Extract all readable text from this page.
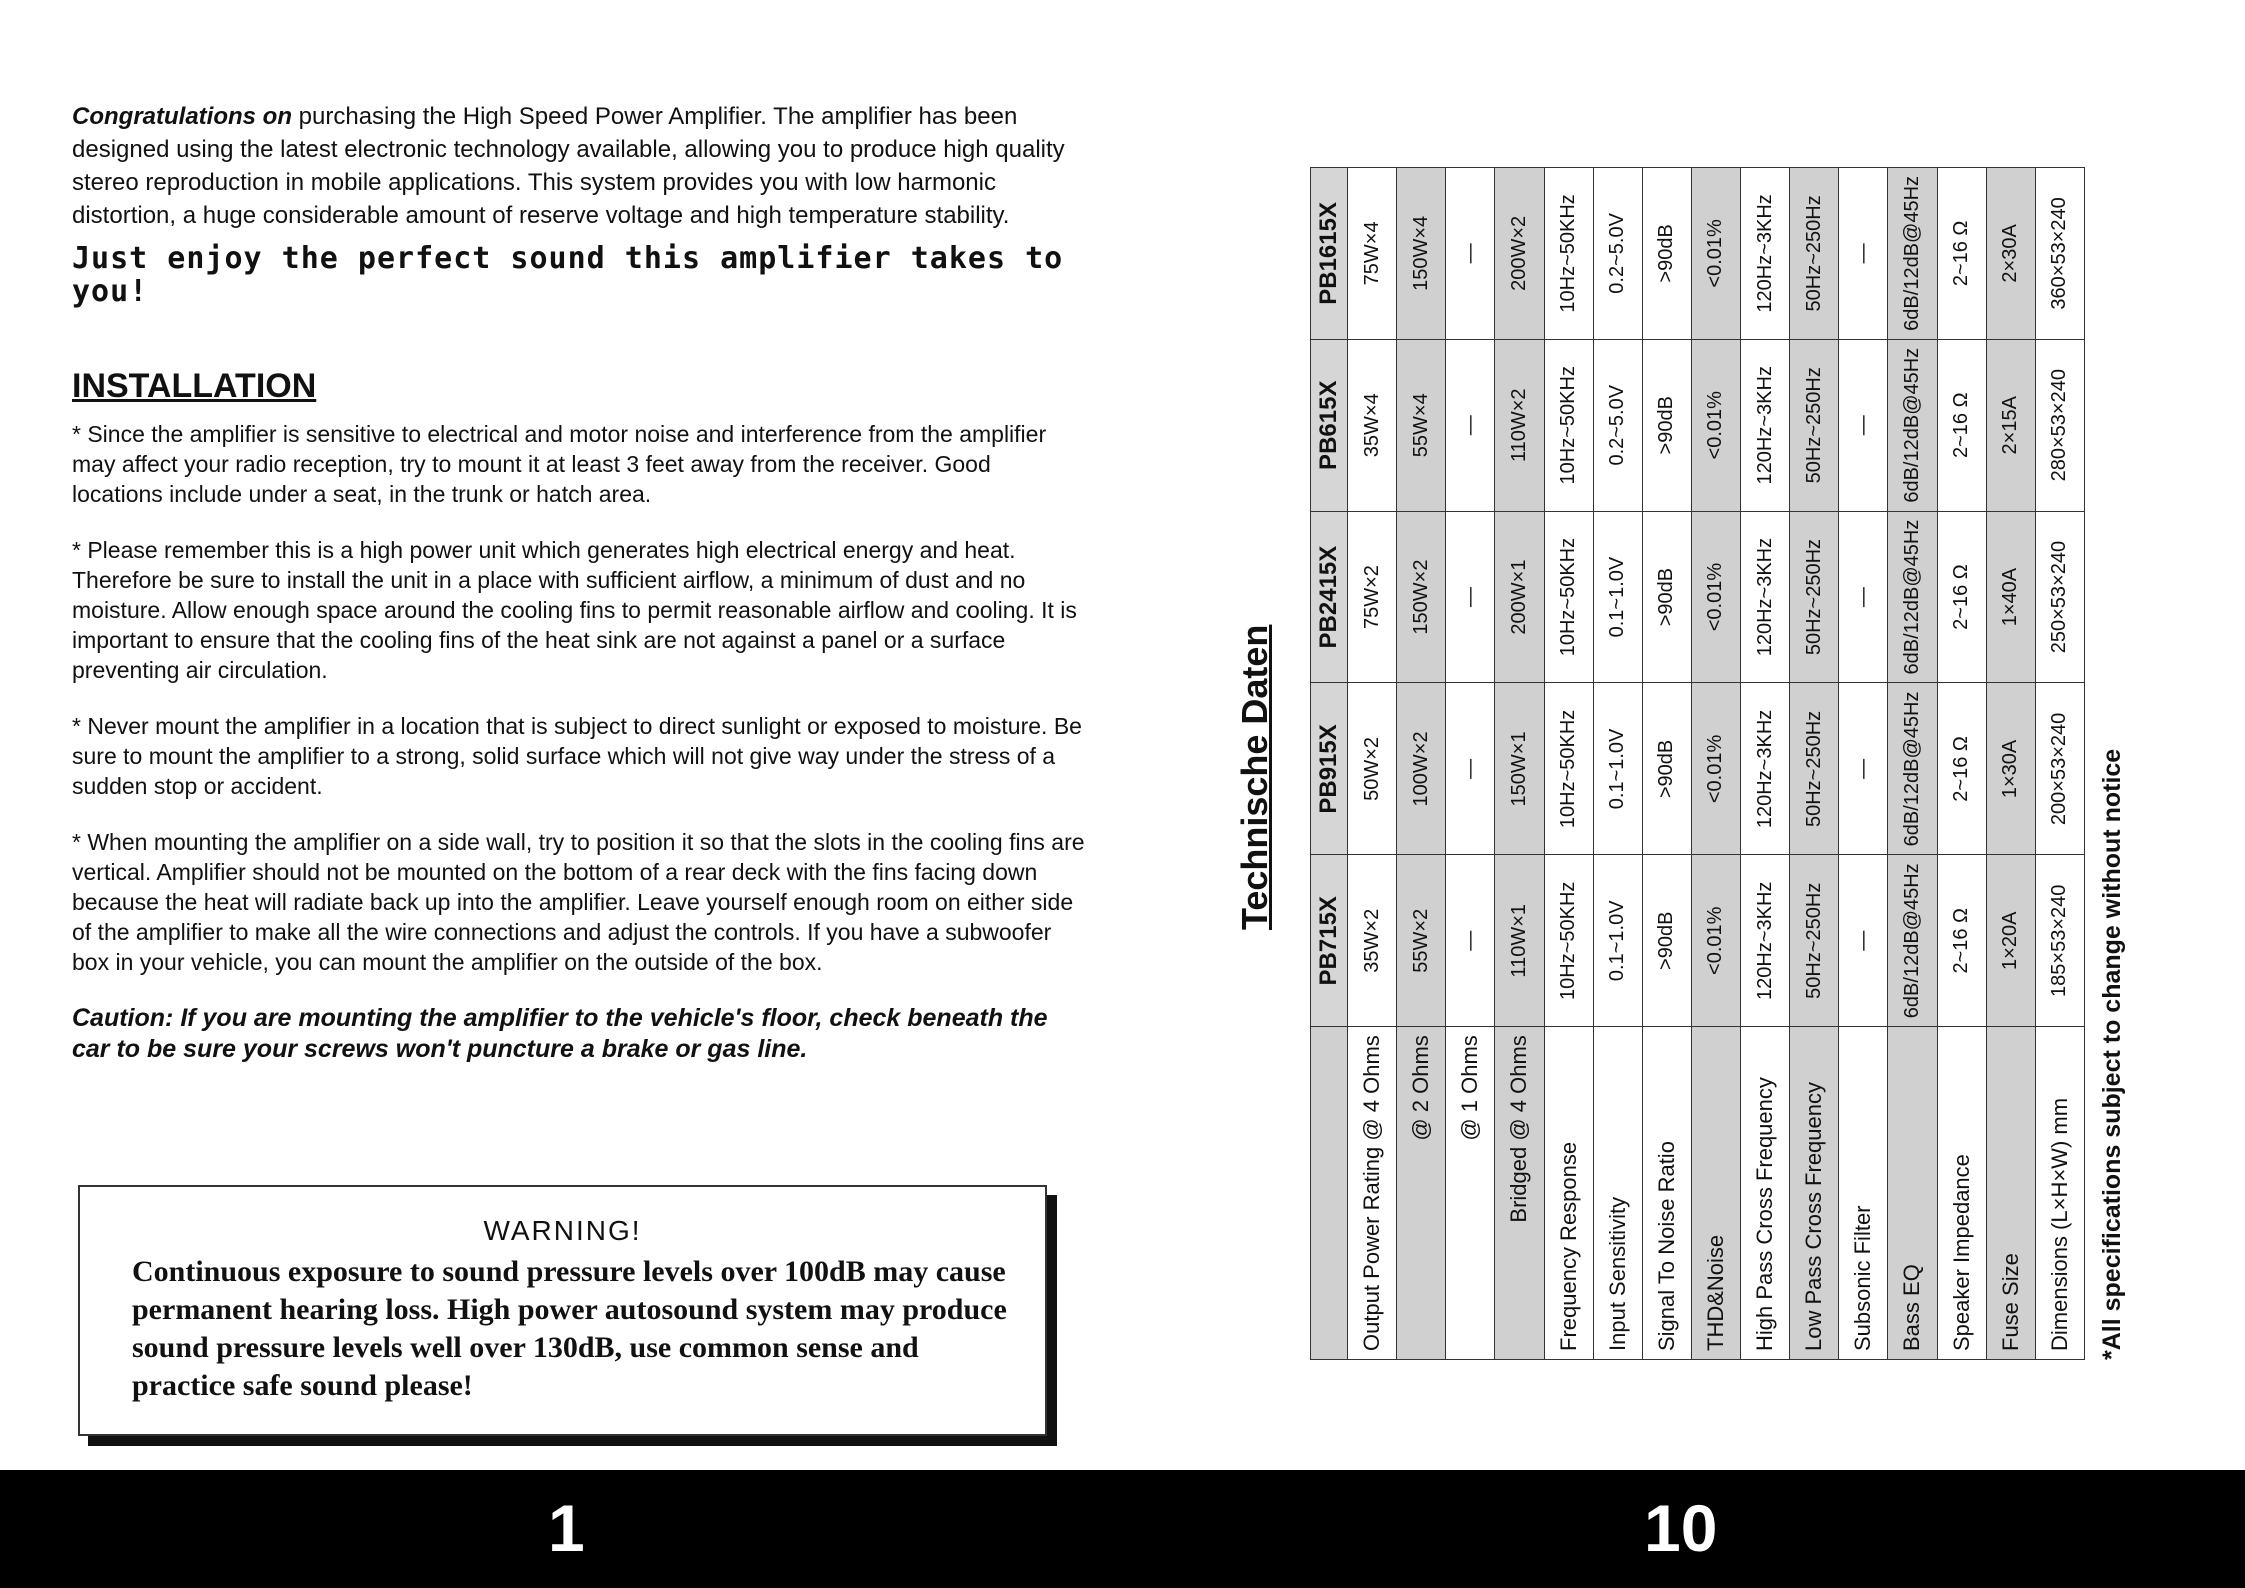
Congratulations on purchasing the High Speed Power Amplifier. The amplifier has been designed using the latest electronic technology available, allowing you to produce high quality stereo reproduction in mobile applications. This system provides you with low harmonic distortion, a huge considerable amount of reserve voltage and high temperature stability.

Just enjoy the perfect sound this amplifier takes to you!

INSTALLATION

* Since the amplifier is sensitive to electrical and motor noise and interference from the amplifier may affect your radio reception, try to mount it at least 3 feet away from the receiver. Good locations include under a seat, in the trunk or hatch area.

* Please remember this is a high power unit which generates high electrical energy and heat. Therefore be sure to install the unit in a place with sufficient airflow, a minimum of dust and no moisture. Allow enough space around the cooling fins to permit reasonable airflow and cooling. It is important to ensure that the cooling fins of the heat sink are not against a panel or a surface preventing air circulation.

* Never mount the amplifier in a location that is subject to direct sunlight or exposed to moisture. Be sure to mount the amplifier to a strong, solid surface which will not give way under the stress of a sudden stop or accident.

* When mounting the amplifier on a side wall, try to position it so that the slots in the cooling fins are vertical. Amplifier should not be mounted on the bottom of a rear deck with the fins facing down because the heat will radiate back up into the amplifier. Leave yourself enough room on either side of the amplifier to make all the wire connections and adjust the controls. If you have a subwoofer box in your vehicle, you can mount the amplifier on the outside of the box.

Caution: If you are mounting the amplifier to the vehicle's floor, check beneath the car to be sure your screws won't puncture a brake or gas line.

WARNING!
Continuous exposure to sound pressure levels over 100dB may cause permanent hearing loss. High power autosound system may produce sound pressure levels well over 130dB, use common sense and practice safe sound please!
Technische Daten
	PB715X	PB915X	PB2415X	PB615X	PB1615X
Output Power Rating @ 4 Ohms	35W×2	50W×2	75W×2	35W×4	75W×4
@ 2 Ohms	55W×2	100W×2	150W×2	55W×4	150W×4
@ 1 Ohms	—	—	—	—	—
Bridged @ 4 Ohms	110W×1	150W×1	200W×1	110W×2	200W×2
Frequency Response	10Hz~50KHz	10Hz~50KHz	10Hz~50KHz	10Hz~50KHz	10Hz~50KHz
Input Sensitivity	0.1~1.0V	0.1~1.0V	0.1~1.0V	0.2~5.0V	0.2~5.0V
Signal To Noise Ratio	>90dB	>90dB	>90dB	>90dB	>90dB
THD&Noise	<0.01%	<0.01%	<0.01%	<0.01%	<0.01%
High Pass Cross Frequency	120Hz~3KHz	120Hz~3KHz	120Hz~3KHz	120Hz~3KHz	120Hz~3KHz
Low Pass Cross Frequency	50Hz~250Hz	50Hz~250Hz	50Hz~250Hz	50Hz~250Hz	50Hz~250Hz
Subsonic Filter	—	—	—	—	—
Bass EQ	6dB/12dB@45Hz	6dB/12dB@45Hz	6dB/12dB@45Hz	6dB/12dB@45Hz	6dB/12dB@45Hz
Speaker Impedance	2~16 Ω	2~16 Ω	2~16 Ω	2~16 Ω	2~16 Ω
Fuse Size	1×20A	1×30A	1×40A	2×15A	2×30A
Dimensions (L×H×W) mm	185×53×240	200×53×240	250×53×240	280×53×240	360×53×240
*All specifications subject to change without notice
1	10
